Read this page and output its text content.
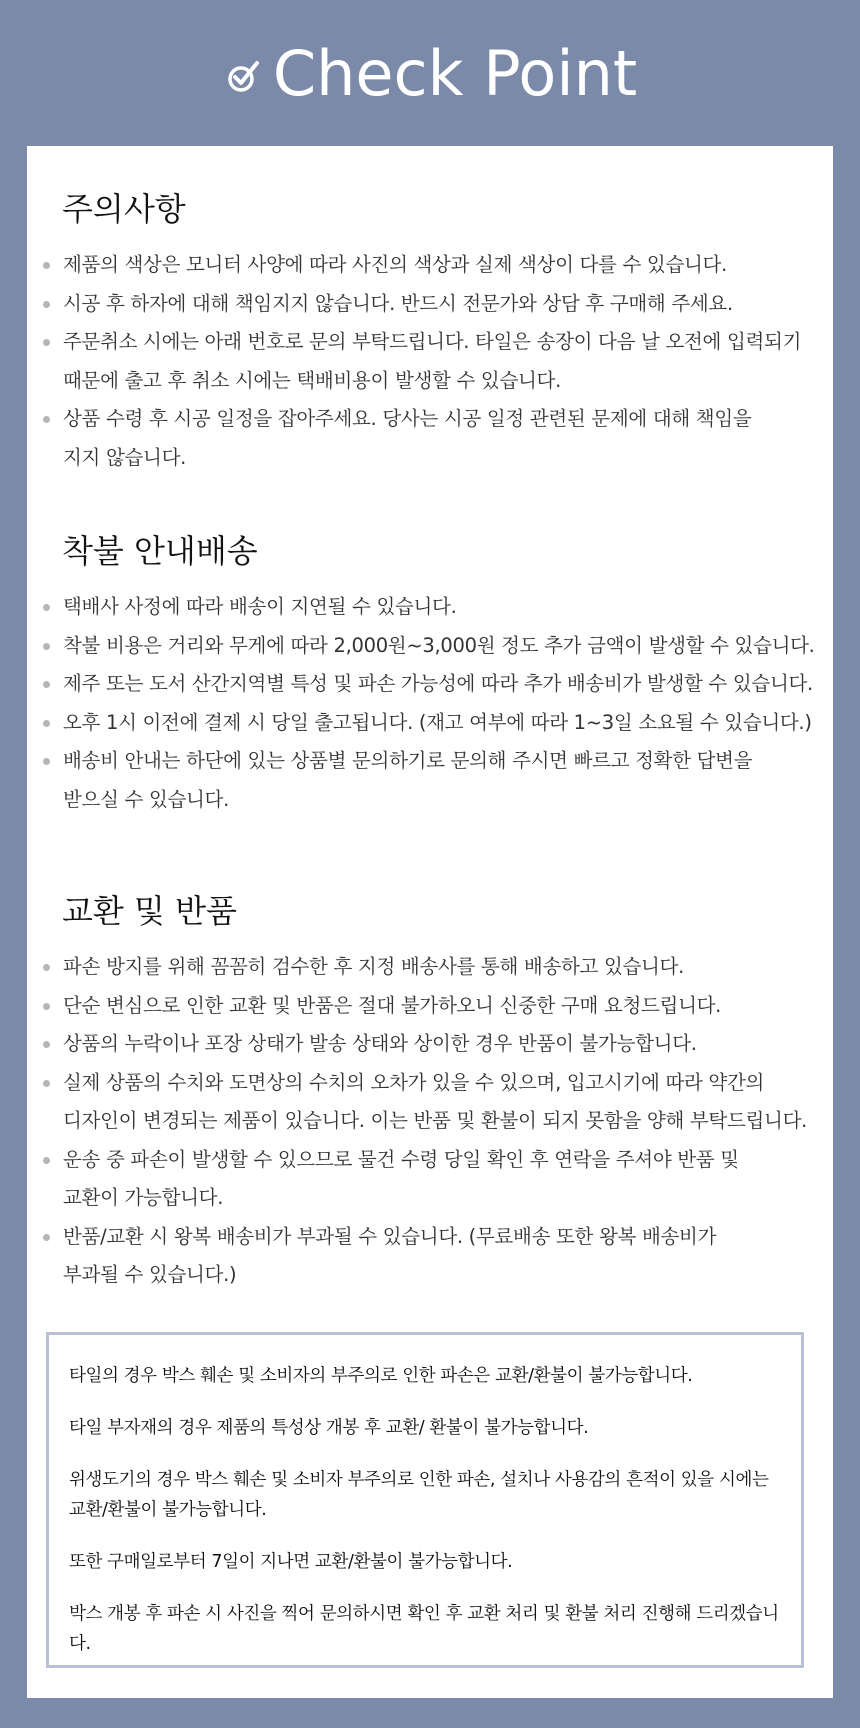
Check Point
주의사항
제품의 색상은 모니터 사양에 따라 사진의 색상과 실제 색상이 다를 수 있습니다.
시공 후 하자에 대해 책임지지 않습니다. 반드시 전문가와 상담 후 구매해 주세요.
주문취소 시에는 아래 번호로 문의 부탁드립니다. 타일은 송장이 다음 날 오전에 입력되기
때문에 출고 후 취소 시에는 택배비용이 발생할 수 있습니다.
상품 수령 후 시공 일정을 잡아주세요. 당사는 시공 일정 관련된 문제에 대해 책임을
지지 않습니다.
착불 안내배송
택배사 사정에 따라 배송이 지연될 수 있습니다.
착불 비용은 거리와 무게에 따라 2,000원~3,000원 정도 추가 금액이 발생할 수 있습니다.
제주 또는 도서 산간지역별 특성 및 파손 가능성에 따라 추가 배송비가 발생할 수 있습니다.
오후 1시 이전에 결제 시 당일 출고됩니다. (재고 여부에 따라 1~3일 소요될 수 있습니다.)
배송비 안내는 하단에 있는 상품별 문의하기로 문의해 주시면 빠르고 정확한 답변을
받으실 수 있습니다.
교환 및 반품
파손 방지를 위해 꼼꼼히 검수한 후 지정 배송사를 통해 배송하고 있습니다.
단순 변심으로 인한 교환 및 반품은 절대 불가하오니 신중한 구매 요청드립니다.
상품의 누락이나 포장 상태가 발송 상태와 상이한 경우 반품이 불가능합니다.
실제 상품의 수치와 도면상의 수치의 오차가 있을 수 있으며, 입고시기에 따라 약간의
디자인이 변경되는 제품이 있습니다. 이는 반품 및 환불이 되지 못함을 양해 부탁드립니다.
운송 중 파손이 발생할 수 있으므로 물건 수령 당일 확인 후 연락을 주셔야 반품 및
교환이 가능합니다.
반품/교환 시 왕복 배송비가 부과될 수 있습니다. (무료배송 또한 왕복 배송비가
부과될 수 있습니다.)

타일의 경우 박스 훼손 및 소비자의 부주의로 인한 파손은 교환/환불이 불가능합니다.

타일 부자재의 경우 제품의 특성상 개봉 후 교환/ 환불이 불가능합니다.

위생도기의 경우 박스 훼손 및 소비자 부주의로 인한 파손, 설치나 사용감의 흔적이 있을 시에는
교환/환불이 불가능합니다.

또한 구매일로부터 7일이 지나면 교환/환불이 불가능합니다.

박스 개봉 후 파손 시 사진을 찍어 문의하시면 확인 후 교환 처리 및 환불 처리 진행해 드리겠습니다.
